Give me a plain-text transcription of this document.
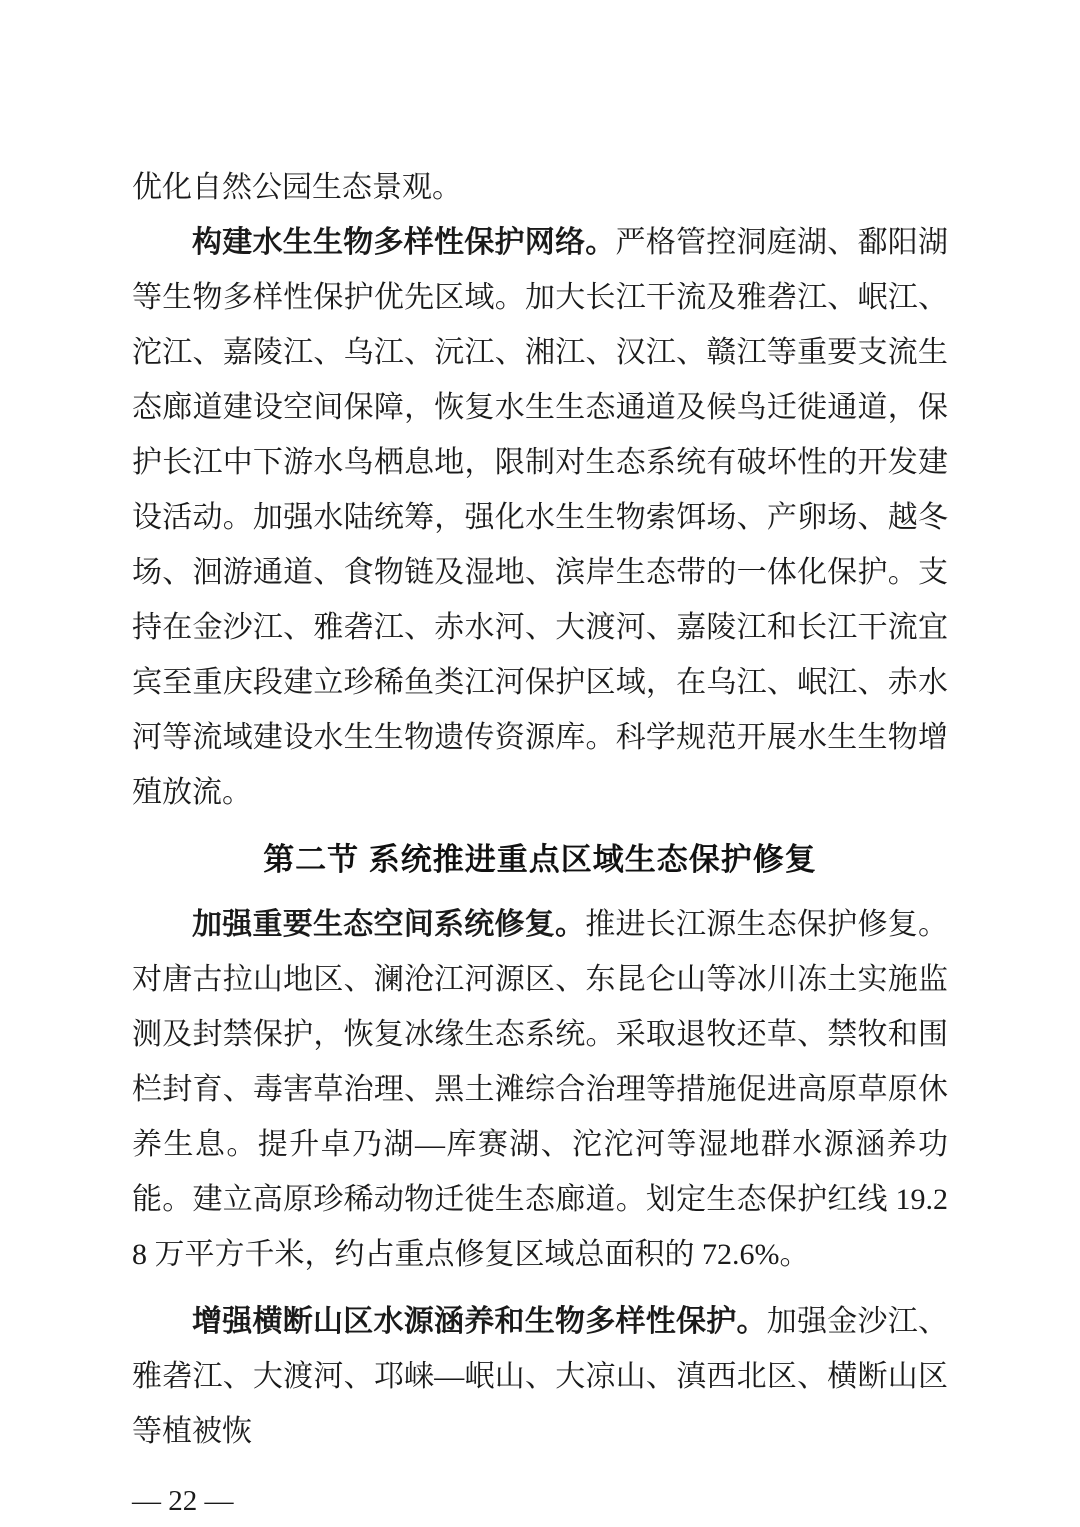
优化自然公园生态景观。

构建水生生物多样性保护网络。严格管控洞庭湖、鄱阳湖等生物多样性保护优先区域。加大长江干流及雅砻江、岷江、沱江、嘉陵江、乌江、沅江、湘江、汉江、赣江等重要支流生态廊道建设空间保障，恢复水生生态通道及候鸟迁徙通道，保护长江中下游水鸟栖息地，限制对生态系统有破坏性的开发建设活动。加强水陆统筹，强化水生生物索饵场、产卵场、越冬场、洄游通道、食物链及湿地、滨岸生态带的一体化保护。支持在金沙江、雅砻江、赤水河、大渡河、嘉陵江和长江干流宜宾至重庆段建立珍稀鱼类江河保护区域，在乌江、岷江、赤水河等流域建设水生生物遗传资源库。科学规范开展水生生物增殖放流。

第二节 系统推进重点区域生态保护修复

加强重要生态空间系统修复。推进长江源生态保护修复。对唐古拉山地区、澜沧江河源区、东昆仑山等冰川冻土实施监测及封禁保护，恢复冰缘生态系统。采取退牧还草、禁牧和围栏封育、毒害草治理、黑土滩综合治理等措施促进高原草原休养生息。提升卓乃湖—库赛湖、沱沱河等湿地群水源涵养功能。建立高原珍稀动物迁徙生态廊道。划定生态保护红线 19.28 万平方千米，约占重点修复区域总面积的 72.6%。

增强横断山区水源涵养和生物多样性保护。加强金沙江、雅砻江、大渡河、邛崃—岷山、大凉山、滇西北区、横断山区等植被恢

— 22 —
